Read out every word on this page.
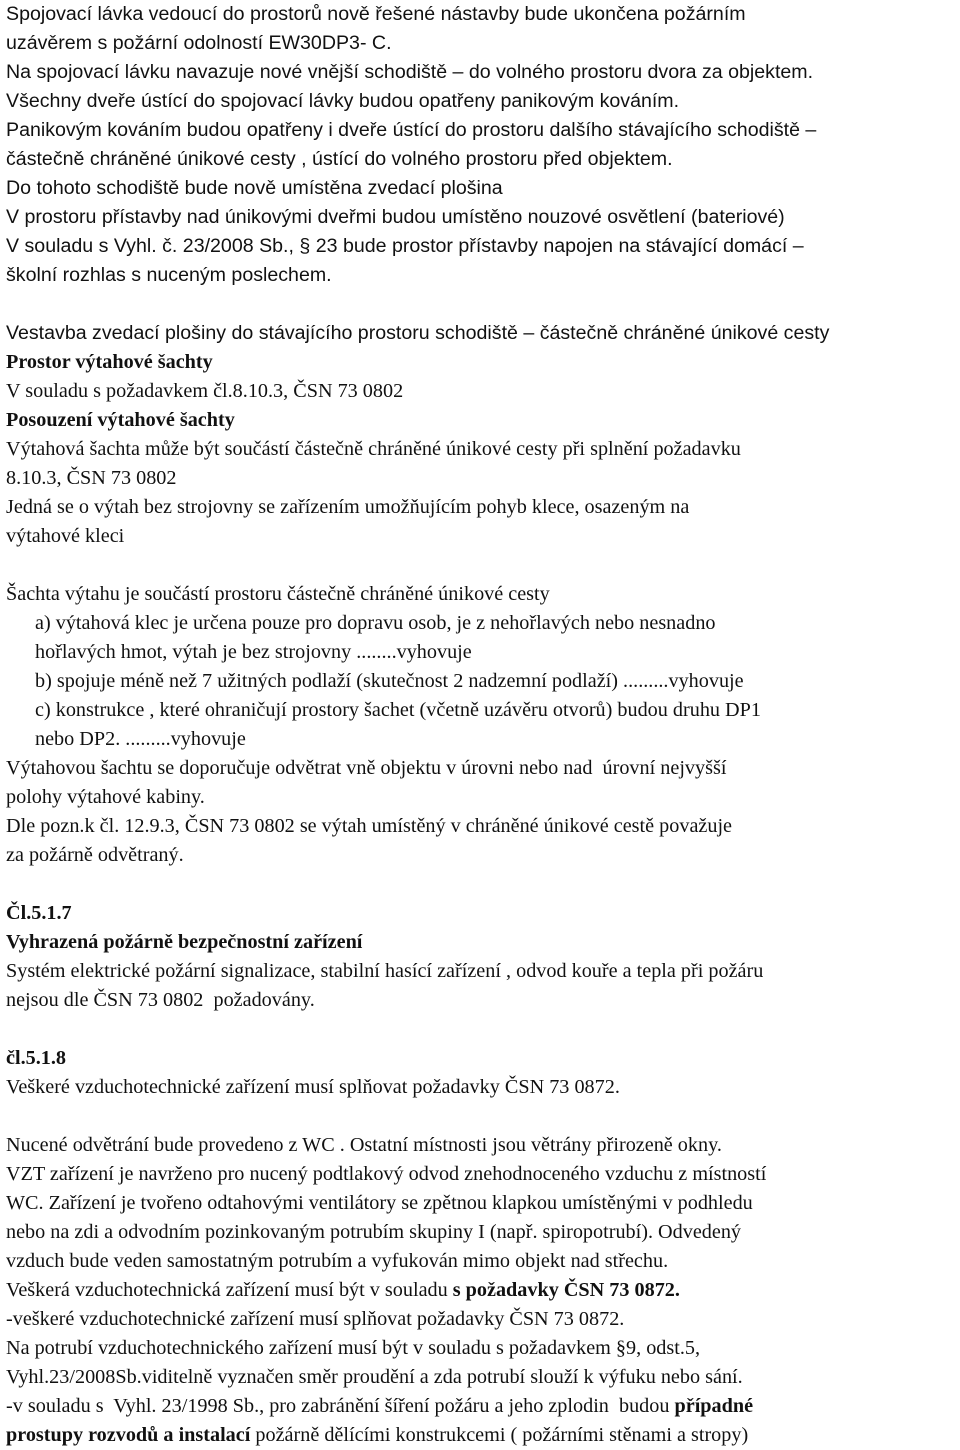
Spojovací lávka vedoucí do prostorů nově řešené nástavby bude ukončena požárním

uzávěrem s požární odolností EW30DP3- C.

Na spojovací lávku navazuje nové vnější schodiště – do volného prostoru dvora za objektem.

Všechny dveře ústící do spojovací lávky budou opatřeny panikovým kováním.

Panikovým kováním budou opatřeny i dveře ústící do prostoru dalšího stávajícího schodiště –

částečně chráněné únikové cesty , ústící do volného prostoru před objektem.

Do tohoto schodiště bude nově umístěna zvedací plošina

V prostoru přístavby nad únikovými dveřmi budou umístěno nouzové osvětlení (bateriové)

V souladu s Vyhl. č. 23/2008 Sb., § 23 bude prostor přístavby napojen na stávající domácí –

školní rozhlas s nuceným poslechem.

Vestavba zvedací plošiny do stávajícího prostoru schodiště – částečně chráněné únikové cesty

Prostor výtahové šachty

V souladu s požadavkem čl.8.10.3, ČSN 73 0802

Posouzení výtahové šachty

Výtahová šachta může být součástí částečně chráněné únikové cesty při splnění požadavku

8.10.3, ČSN 73 0802

Jedná se o výtah bez strojovny se zařízením umožňujícím pohyb klece, osazeným na

výtahové kleci

Šachta výtahu je součástí prostoru částečně chráněné únikové cesty

a) výtahová klec je určena pouze pro dopravu osob, je z nehořlavých nebo nesnadno

hořlavých hmot, výtah je bez strojovny ........vyhovuje

b) spojuje méně než 7 užitných podlaží (skutečnost 2 nadzemní podlaží) .........vyhovuje

c) konstrukce , které ohraničují prostory šachet (včetně uzávěru otvorů) budou druhu DP1

nebo DP2. .........vyhovuje

Výtahovou šachtu se doporučuje odvětrat vně objektu v úrovni nebo nad  úrovní nejvyšší

polohy výtahové kabiny.

Dle pozn.k čl. 12.9.3, ČSN 73 0802 se výtah umístěný v chráněné únikové cestě považuje

za požárně odvětraný.

Čl.5.1.7

Vyhrazená požárně bezpečnostní zařízení

Systém elektrické požární signalizace, stabilní hasící zařízení , odvod kouře a tepla při požáru

nejsou dle ČSN 73 0802  požadovány.

čl.5.1.8

Veškeré vzduchotechnické zařízení musí splňovat požadavky ČSN 73 0872.

Nucené odvětrání bude provedeno z WC . Ostatní místnosti jsou větrány přirozeně okny.

VZT zařízení je navrženo pro nucený podtlakový odvod znehodnoceného vzduchu z místností

WC. Zařízení je tvořeno odtahovými ventilátory se zpětnou klapkou umístěnými v podhledu

nebo na zdi a odvodním pozinkovaným potrubím skupiny I (např. spiropotrubí). Odvedený

vzduch bude veden samostatným potrubím a vyfukován mimo objekt nad střechu.

Veškerá vzduchotechnická zařízení musí být v souladu s požadavky ČSN 73 0872.

-veškeré vzduchotechnické zařízení musí splňovat požadavky ČSN 73 0872.

Na potrubí vzduchotechnického zařízení musí být v souladu s požadavkem §9, odst.5,

Vyhl.23/2008Sb.viditelně vyznačen směr proudění a zda potrubí slouží k výfuku nebo sání.

-v souladu s  Vyhl. 23/1998 Sb., pro zabránění šíření požáru a jeho zplodin  budou případné

prostupy rozvodů a instalací požárně dělícími konstrukcemi ( požárními stěnami a stropy)
